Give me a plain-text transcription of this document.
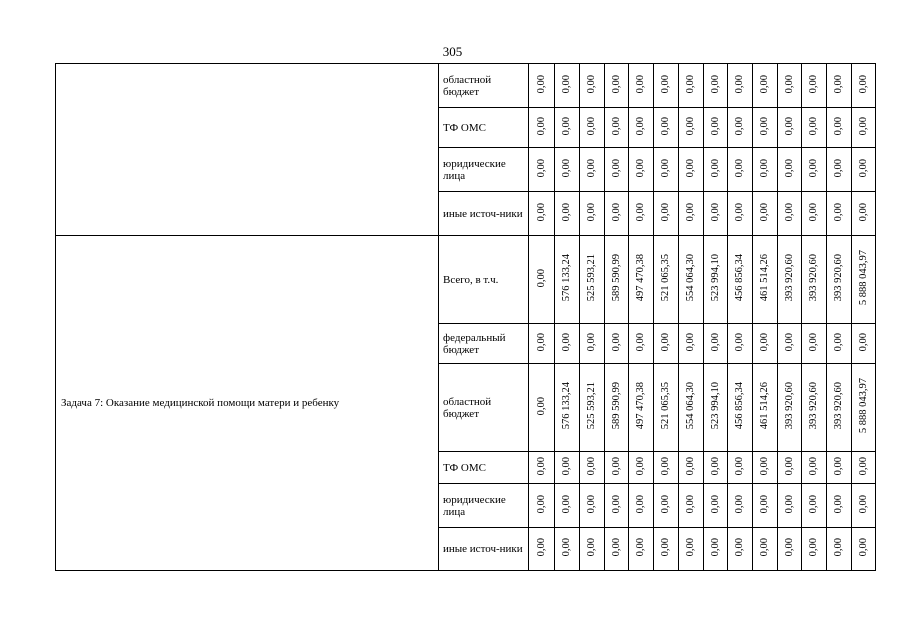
305
	областной бюджет	0,00	0,00	0,00	0,00	0,00	0,00	0,00	0,00	0,00	0,00	0,00	0,00	0,00	0,00
	ТФ ОМС	0,00	0,00	0,00	0,00	0,00	0,00	0,00	0,00	0,00	0,00	0,00	0,00	0,00	0,00
	юридические лица	0,00	0,00	0,00	0,00	0,00	0,00	0,00	0,00	0,00	0,00	0,00	0,00	0,00	0,00
	иные источ-ники	0,00	0,00	0,00	0,00	0,00	0,00	0,00	0,00	0,00	0,00	0,00	0,00	0,00	0,00
Задача 7: Оказание медицинской помощи матери и ребенку	Всего, в т.ч.	0,00	576 133,24	525 593,21	589 590,99	497 470,38	521 065,35	554 064,30	523 994,10	456 856,34	461 514,26	393 920,60	393 920,60	393 920,60	5 888 043,97
	федеральный бюджет	0,00	0,00	0,00	0,00	0,00	0,00	0,00	0,00	0,00	0,00	0,00	0,00	0,00	0,00
	областной бюджет	0,00	576 133,24	525 593,21	589 590,99	497 470,38	521 065,35	554 064,30	523 994,10	456 856,34	461 514,26	393 920,60	393 920,60	393 920,60	5 888 043,97
	ТФ ОМС	0,00	0,00	0,00	0,00	0,00	0,00	0,00	0,00	0,00	0,00	0,00	0,00	0,00	0,00
	юридические лица	0,00	0,00	0,00	0,00	0,00	0,00	0,00	0,00	0,00	0,00	0,00	0,00	0,00	0,00
	иные источ-ники	0,00	0,00	0,00	0,00	0,00	0,00	0,00	0,00	0,00	0,00	0,00	0,00	0,00	0,00
